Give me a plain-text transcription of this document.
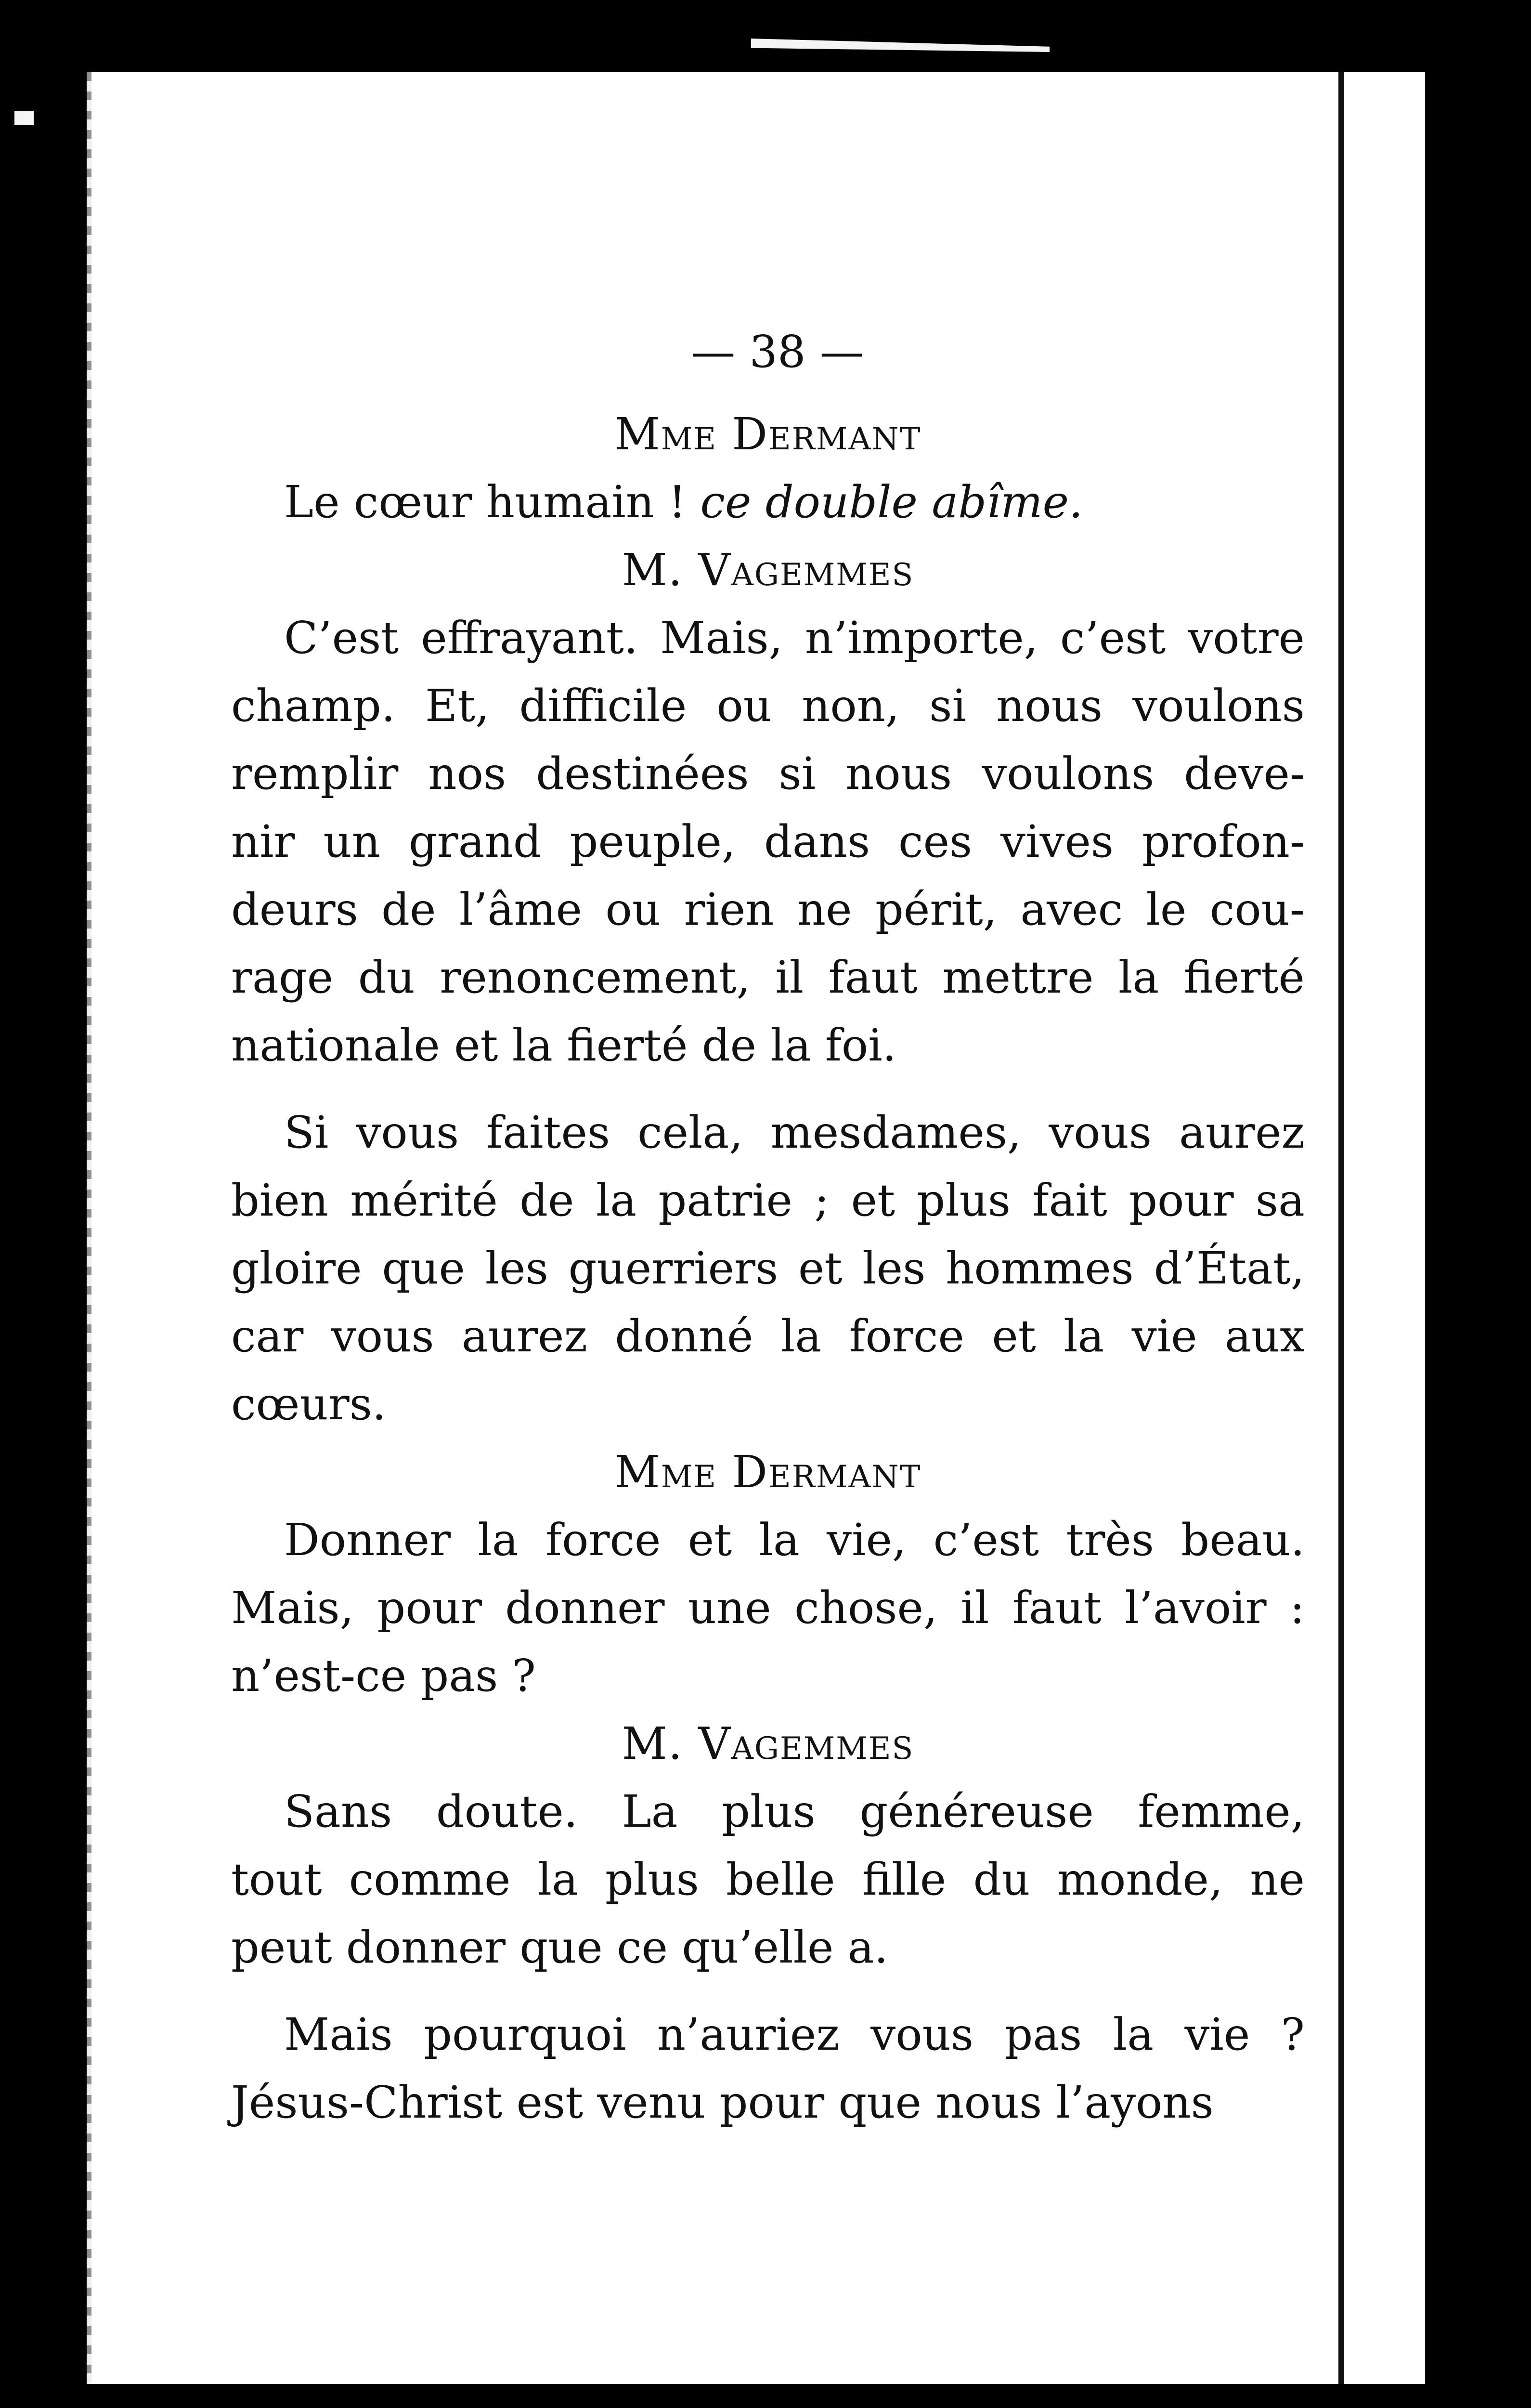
— 38 —
Mme Dermant
Le cœur humain ! ce double abîme.
M. Vagemmes
C’est effrayant. Mais, n’importe, c’est votre
champ. Et, difficile ou non, si nous voulons
remplir nos destinées si nous voulons deve-
nir un grand peuple, dans ces vives profon-
deurs de l’âme ou rien ne périt, avec le cou-
rage du renoncement, il faut mettre la fierté
nationale et la fierté de la foi.
Si vous faites cela, mesdames, vous aurez
bien mérité de la patrie ; et plus fait pour sa
gloire que les guerriers et les hommes d’État,
car vous aurez donné la force et la vie aux
cœurs.
Mme Dermant
Donner la force et la vie, c’est très beau.
Mais, pour donner une chose, il faut l’avoir :
n’est-ce pas ?
M. Vagemmes
Sans doute. La plus généreuse femme,
tout comme la plus belle fille du monde, ne
peut donner que ce qu’elle a.
Mais pourquoi n’auriez vous pas la vie ?
Jésus-Christ est venu pour que nous l’ayons
